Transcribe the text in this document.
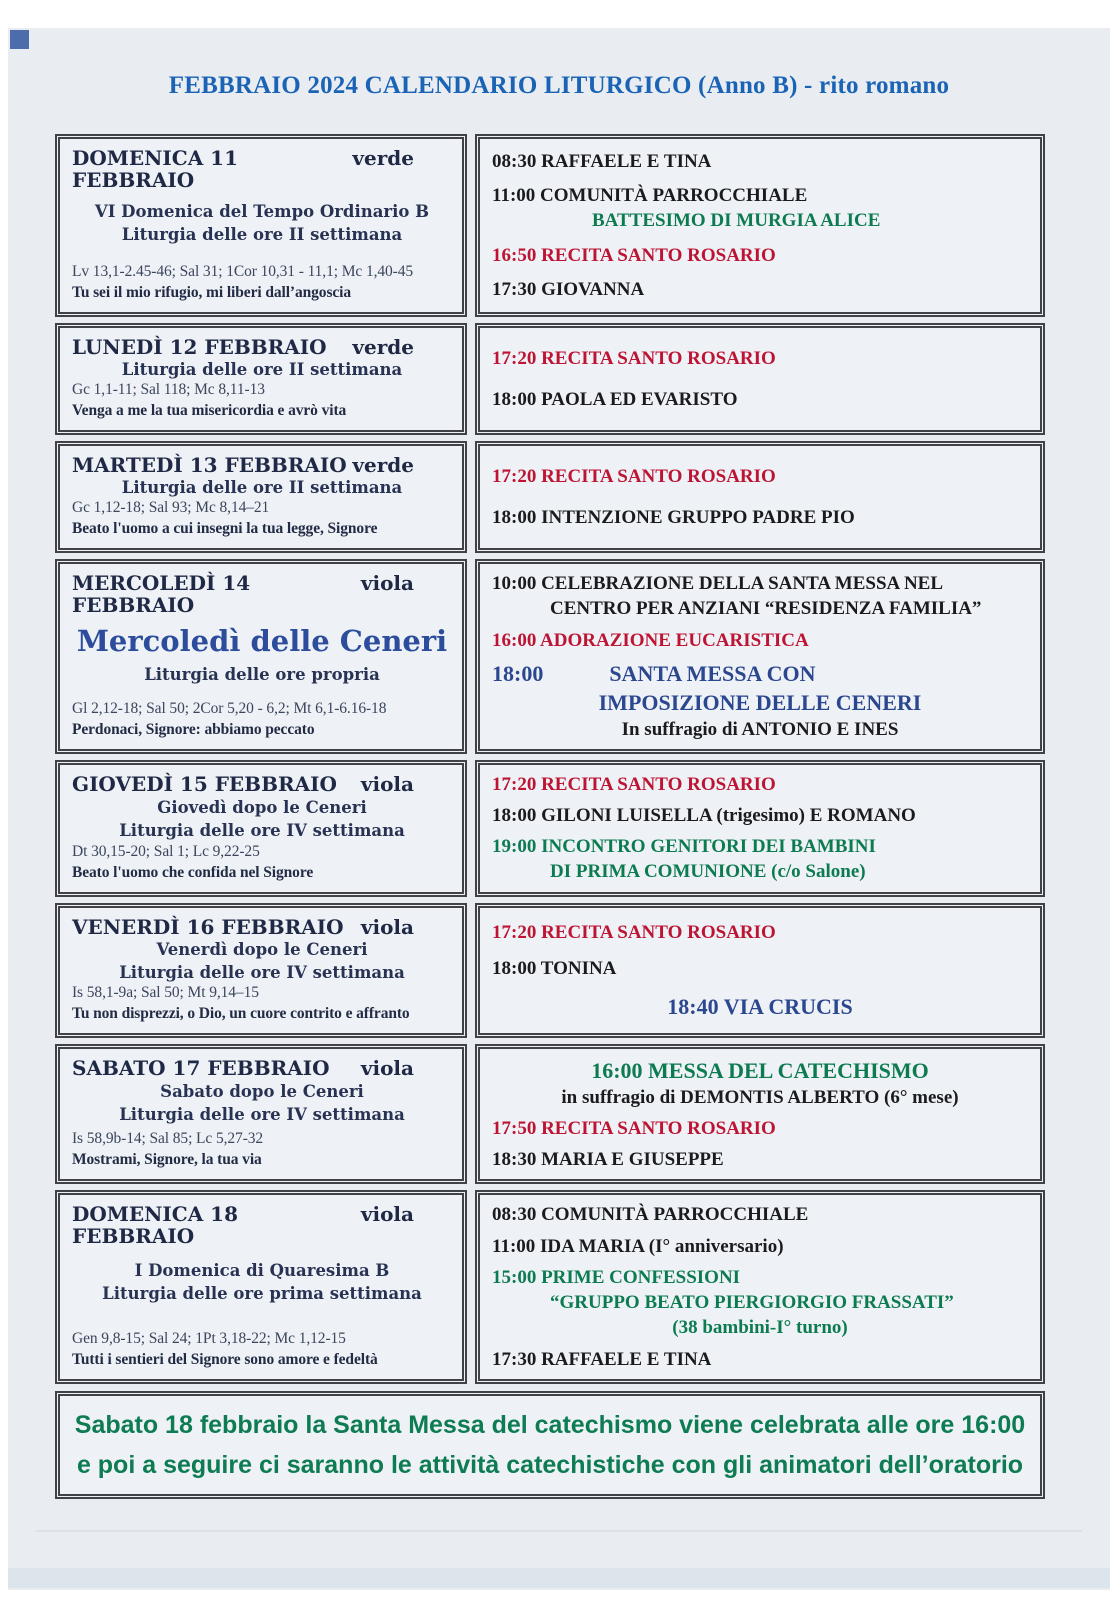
FEBBRAIO 2024 CALENDARIO LITURGICO (Anno B) - rito romano
DOMENICA 11 FEBBRAIO
verde
VI Domenica del Tempo Ordinario B
Liturgia delle ore II settimana
Lv 13,1-2.45-46; Sal 31; 1Cor 10,31 - 11,1; Mc 1,40-45
Tu sei il mio rifugio, mi liberi dall’angoscia
08:30 RAFFAELE E TINA
11:00 COMUNITÀ PARROCCHIALE
BATTESIMO DI MURGIA ALICE
16:50 RECITA SANTO ROSARIO
17:30 GIOVANNA
LUNEDÌ 12 FEBBRAIO verde
Liturgia delle ore II settimana
Gc 1,1-11; Sal 118; Mc 8,11-13
Venga a me la tua misericordia e avrò vita
17:20 RECITA SANTO ROSARIO
18:00 PAOLA ED EVARISTO
MARTEDÌ 13 FEBBRAIO verde
Liturgia delle ore II settimana
Gc 1,12-18; Sal 93; Mc 8,14–21
Beato l'uomo a cui insegni la tua legge, Signore
17:20 RECITA SANTO ROSARIO
18:00 INTENZIONE GRUPPO PADRE PIO
MERCOLEDÌ 14 FEBBRAIO
viola
Mercoledì delle Ceneri
Liturgia delle ore propria
Gl 2,12-18; Sal 50; 2Cor 5,20 - 6,2; Mt 6,1-6.16-18
Perdonaci, Signore: abbiamo peccato
10:00 CELEBRAZIONE DELLA SANTA MESSA NEL
CENTRO PER ANZIANI “RESIDENZA FAMILIA”
16:00 ADORAZIONE EUCARISTICA
18:00   SANTA MESSA CON
IMPOSIZIONE DELLE CENERI
In suffragio di ANTONIO E INES
GIOVEDÌ 15 FEBBRAIO viola
Giovedì dopo le Ceneri
Liturgia delle ore IV settimana
Dt 30,15-20; Sal 1; Lc 9,22-25
Beato l'uomo che confida nel Signore
17:20 RECITA SANTO ROSARIO
18:00 GILONI LUISELLA (trigesimo) E ROMANO
19:00 INCONTRO GENITORI DEI BAMBINI
DI PRIMA COMUNIONE (c/o Salone)
VENERDÌ 16 FEBBRAIO viola
Venerdì dopo le Ceneri
Liturgia delle ore IV settimana
Is 58,1-9a; Sal 50; Mt 9,14–15
Tu non disprezzi, o Dio, un cuore contrito e affranto
17:20 RECITA SANTO ROSARIO
18:00 TONINA
18:40 VIA CRUCIS
SABATO 17 FEBBRAIO viola
Sabato dopo le Ceneri
Liturgia delle ore IV settimana
Is 58,9b-14; Sal 85; Lc 5,27-32
Mostrami, Signore, la tua via
16:00 MESSA DEL CATECHISMO
in suffragio di DEMONTIS ALBERTO (6° mese)
17:50 RECITA SANTO ROSARIO
18:30 MARIA E GIUSEPPE
DOMENICA 18 FEBBRAIO
viola
I Domenica di Quaresima B
Liturgia delle ore prima settimana
Gen 9,8-15; Sal 24; 1Pt 3,18-22; Mc 1,12-15
Tutti i sentieri del Signore sono amore e fedeltà
08:30 COMUNITÀ PARROCCHIALE
11:00 IDA MARIA (I° anniversario)
15:00 PRIME CONFESSIONI
“GRUPPO BEATO PIERGIORGIO FRASSATI”
(38 bambini-I° turno)
17:30 RAFFAELE E TINA
Sabato 18 febbraio la Santa Messa del catechismo viene celebrata alle ore 16:00
e poi a seguire ci saranno le attività catechistiche con gli animatori dell’oratorio
